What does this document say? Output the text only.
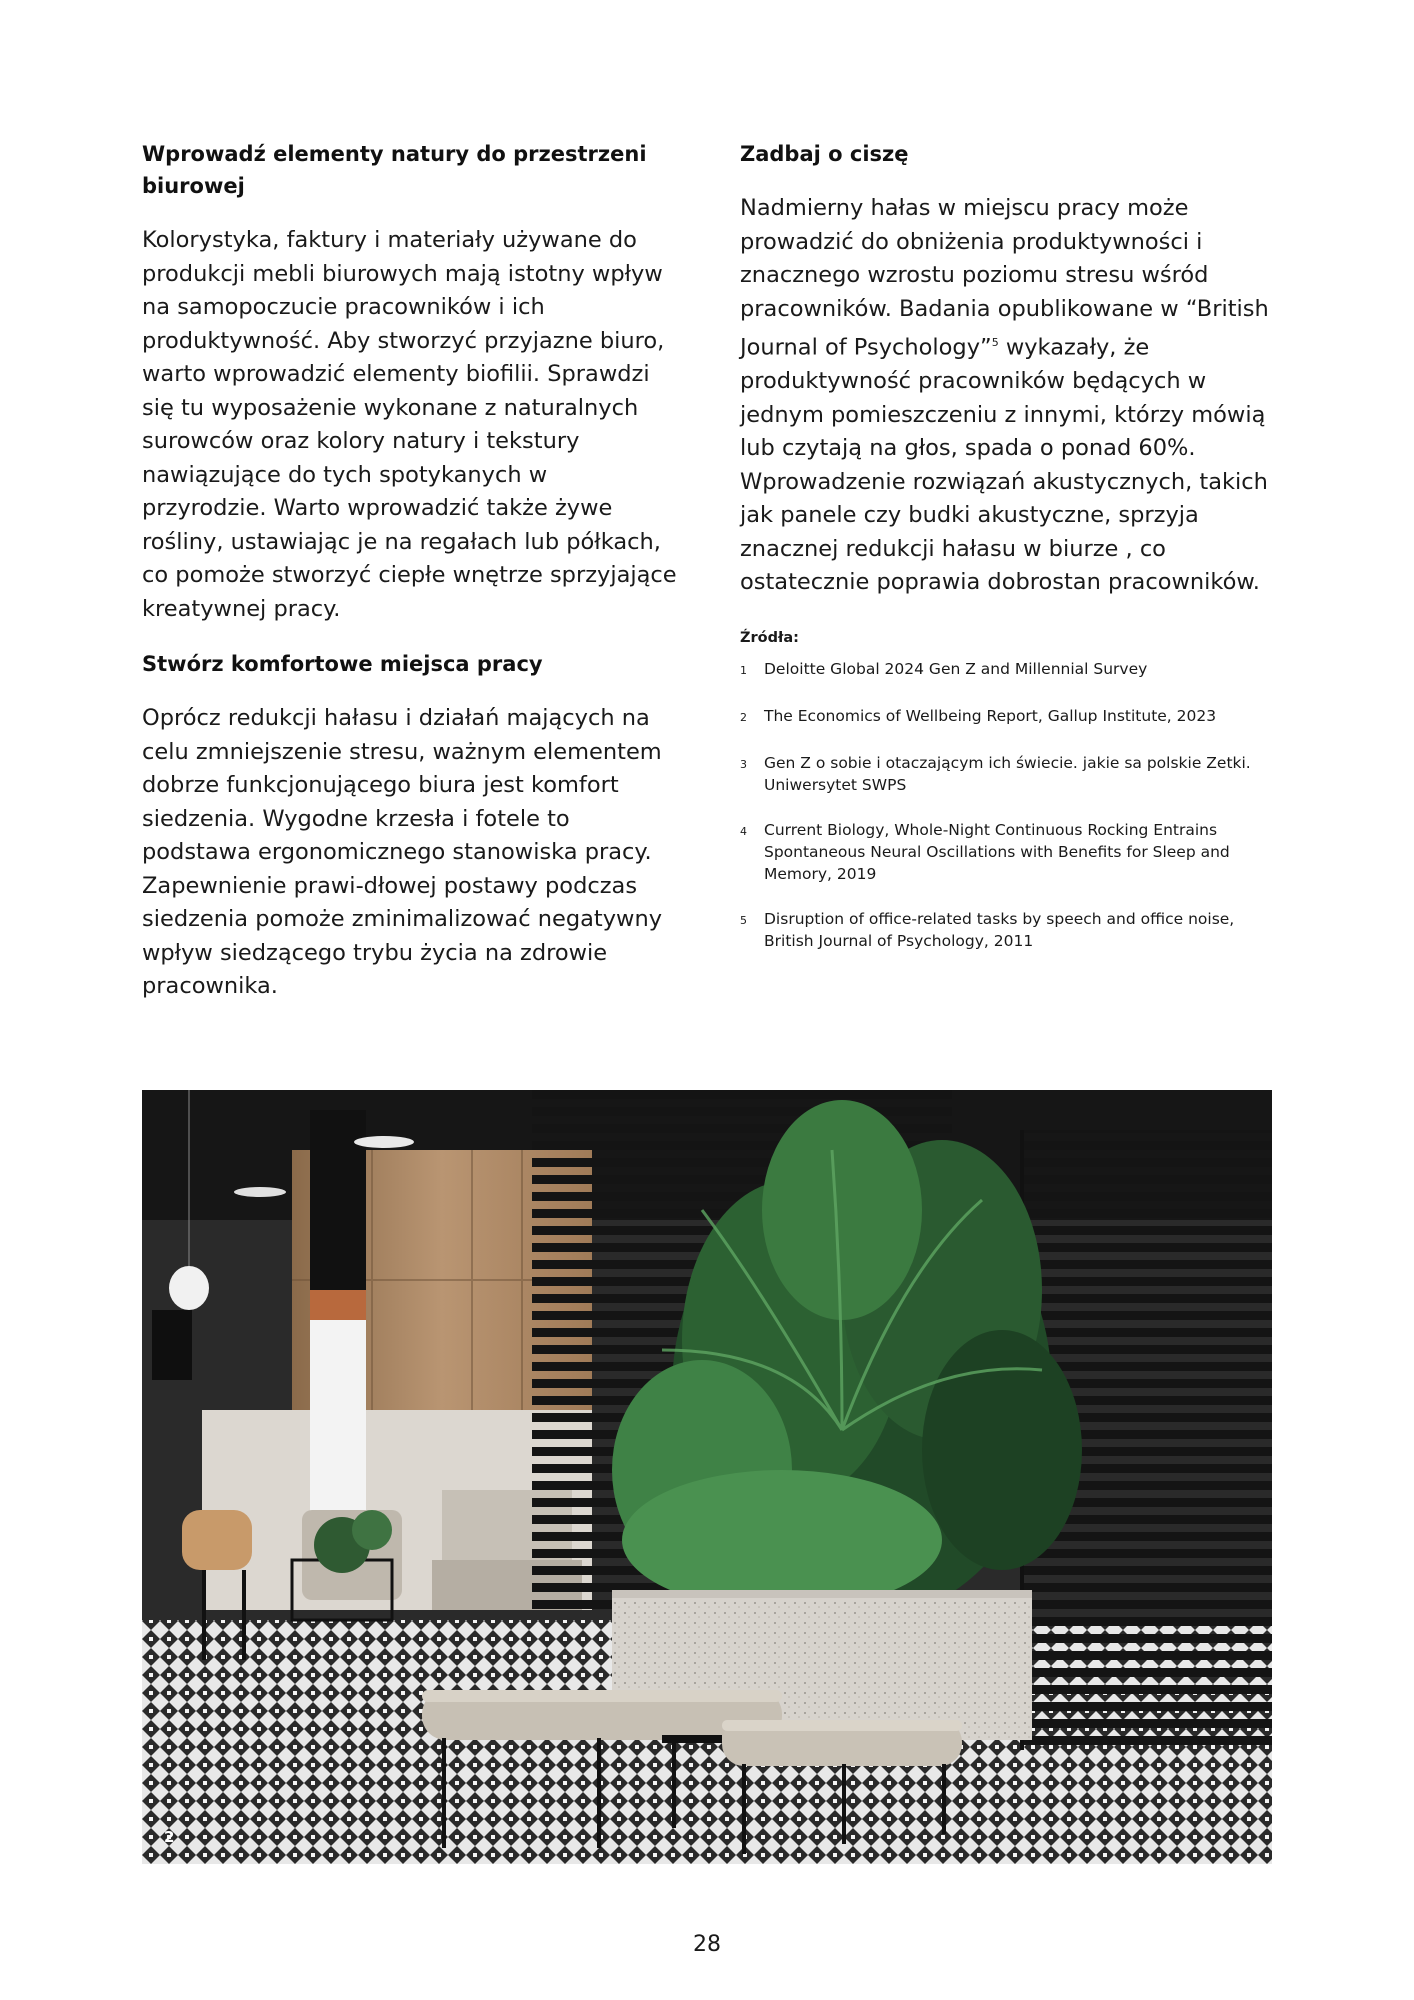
Wprowadź elementy natury do przestrzeni biurowej

Kolorystyka, faktury i materiały używane do produkcji mebli biurowych mają istotny wpływ na samopoczucie pracowników i ich produktywność. Aby stworzyć przyjazne biuro, warto wprowadzić elementy biofilii. Sprawdzi się tu wyposażenie wykonane z naturalnych surowców oraz kolory natury i tekstury nawiązujące do tych spotykanych w przyrodzie. Warto wprowadzić także żywe rośliny, ustawiając je na regałach lub półkach, co pomoże stworzyć ciepłe wnętrze sprzyjające kreatywnej pracy.

Stwórz komfortowe miejsca pracy

Oprócz redukcji hałasu i działań mających na celu zmniejszenie stresu, ważnym elementem dobrze funkcjonującego biura jest komfort siedzenia. Wygodne krzesła i fotele to podstawa ergonomicznego stanowiska pracy. Zapewnienie prawi-dłowej postawy podczas siedzenia pomoże zminimalizować negatywny wpływ siedzącego trybu życia na zdrowie pracownika.

Zadbaj o ciszę

Nadmierny hałas w miejscu pracy może prowadzić do obniżenia produktywności i znacznego wzrostu poziomu stresu wśród pracowników. Badania opublikowane w “British Journal of Psychology”$^5$ wykazały, że produktywność pracowników będących w jednym pomieszczeniu z innymi, którzy mówią lub czytają na głos, spada o ponad 60%.

Wprowadzenie rozwiązań akustycznych, takich jak panele czy budki akustyczne, sprzyja znacznej redukcji hałasu w biurze , co ostatecznie poprawia dobrostan pracowników.

Źródła:
1	Deloitte Global 2024 Gen Z and Millennial Survey
2	The Economics of Wellbeing Report, Gallup Institute, 2023
3	Gen Z o sobie i otaczającym ich świecie. jakie sa polskie Zetki. Uniwersytet SWPS
4	Current Biology, Whole-Night Continuous Rocking Entrains Spontaneous Neural Oscillations with Benefits for Sleep and Memory, 2019
5	Disruption of office-related tasks by speech and office noise, British Journal of Psychology, 2011
2
28
